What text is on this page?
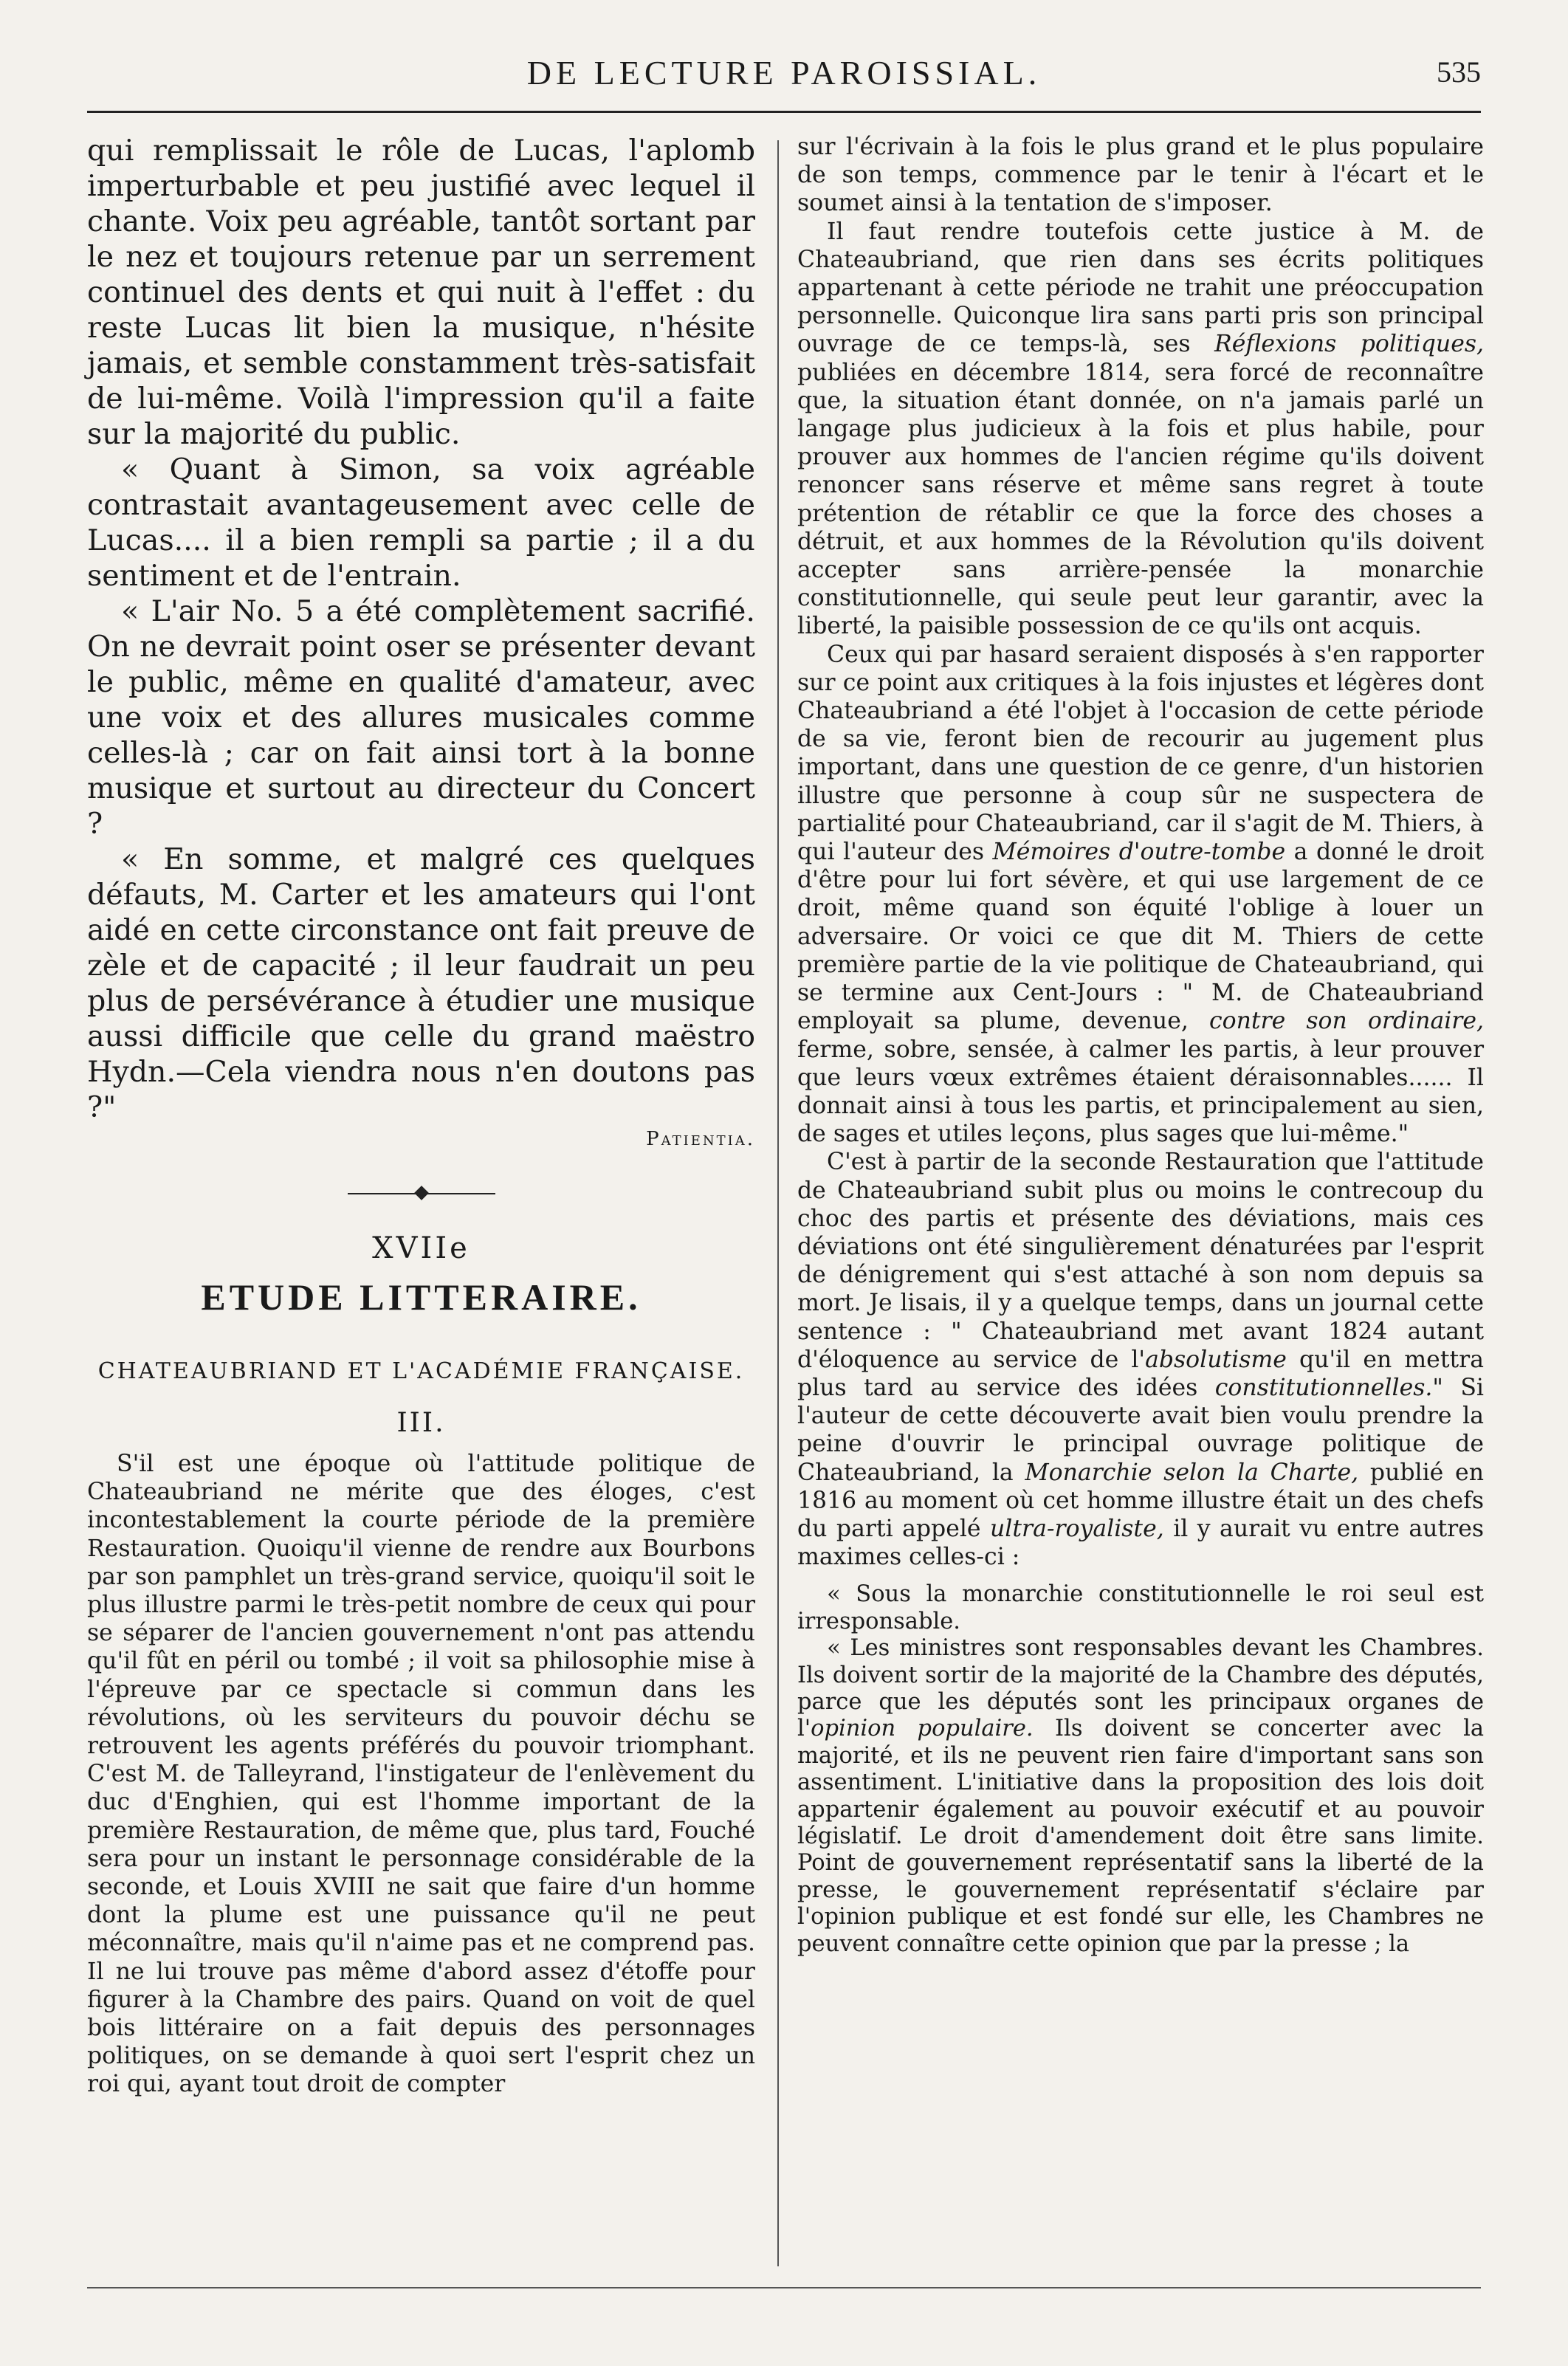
DE LECTURE PAROISSIAL.	535

qui remplissait le rôle de Lucas, l'aplomb imperturbable et peu justifié avec lequel il chante. Voix peu agréable, tantôt sortant par le nez et toujours retenue par un serrement continuel des dents et qui nuit à l'effet : du reste Lucas lit bien la musique, n'hésite jamais, et semble constamment très-satisfait de lui-même. Voilà l'impression qu'il a faite sur la majorité du public.

« Quant à Simon, sa voix agréable contrastait avantageusement avec celle de Lucas.... il a bien rempli sa partie ; il a du sentiment et de l'entrain.

« L'air No. 5 a été complètement sacrifié. On ne devrait point oser se présenter devant le public, même en qualité d'amateur, avec une voix et des allures musicales comme celles-là ; car on fait ainsi tort à la bonne musique et surtout au directeur du Concert ?

« En somme, et malgré ces quelques défauts, M. Carter et les amateurs qui l'ont aidé en cette circonstance ont fait preuve de zèle et de capacité ; il leur faudrait un peu plus de persévérance à étudier une musique aussi difficile que celle du grand maëstro Hydn.—Cela viendra nous n'en doutons pas ?"

Patientia.
XVIIe
ETUDE LITTERAIRE.
CHATEAUBRIAND ET L'ACADÉMIE FRANÇAISE.
III.

S'il est une époque où l'attitude politique de Chateaubriand ne mérite que des éloges, c'est incontestablement la courte période de la première Restauration. Quoiqu'il vienne de rendre aux Bourbons par son pamphlet un très-grand service, quoiqu'il soit le plus illustre parmi le très-petit nombre de ceux qui pour se séparer de l'ancien gouvernement n'ont pas attendu qu'il fût en péril ou tombé ; il voit sa philosophie mise à l'épreuve par ce spectacle si commun dans les révolutions, où les serviteurs du pouvoir déchu se retrouvent les agents préférés du pouvoir triomphant. C'est M. de Talleyrand, l'instigateur de l'enlèvement du duc d'Enghien, qui est l'homme important de la première Restauration, de même que, plus tard, Fouché sera pour un instant le personnage considérable de la seconde, et Louis XVIII ne sait que faire d'un homme dont la plume est une puissance qu'il ne peut méconnaître, mais qu'il n'aime pas et ne comprend pas. Il ne lui trouve pas même d'abord assez d'étoffe pour figurer à la Chambre des pairs. Quand on voit de quel bois littéraire on a fait depuis des personnages politiques, on se demande à quoi sert l'esprit chez un roi qui, ayant tout droit de compter

sur l'écrivain à la fois le plus grand et le plus populaire de son temps, commence par le tenir à l'écart et le soumet ainsi à la tentation de s'imposer.

Il faut rendre toutefois cette justice à M. de Chateaubriand, que rien dans ses écrits politiques appartenant à cette période ne trahit une préoccupation personnelle. Quiconque lira sans parti pris son principal ouvrage de ce temps-là, ses Réflexions politiques, publiées en décembre 1814, sera forcé de reconnaître que, la situation étant donnée, on n'a jamais parlé un langage plus judicieux à la fois et plus habile, pour prouver aux hommes de l'ancien régime qu'ils doivent renoncer sans réserve et même sans regret à toute prétention de rétablir ce que la force des choses a détruit, et aux hommes de la Révolution qu'ils doivent accepter sans arrière-pensée la monarchie constitutionnelle, qui seule peut leur garantir, avec la liberté, la paisible possession de ce qu'ils ont acquis.

Ceux qui par hasard seraient disposés à s'en rapporter sur ce point aux critiques à la fois injustes et légères dont Chateaubriand a été l'objet à l'occasion de cette période de sa vie, feront bien de recourir au jugement plus important, dans une question de ce genre, d'un historien illustre que personne à coup sûr ne suspectera de partialité pour Chateaubriand, car il s'agit de M. Thiers, à qui l'auteur des Mémoires d'outre-tombe a donné le droit d'être pour lui fort sévère, et qui use largement de ce droit, même quand son équité l'oblige à louer un adversaire. Or voici ce que dit M. Thiers de cette première partie de la vie politique de Chateaubriand, qui se termine aux Cent-Jours : " M. de Chateaubriand employait sa plume, devenue, contre son ordinaire, ferme, sobre, sensée, à calmer les partis, à leur prouver que leurs vœux extrêmes étaient déraisonnables...... Il donnait ainsi à tous les partis, et principalement au sien, de sages et utiles leçons, plus sages que lui-même."

C'est à partir de la seconde Restauration que l'attitude de Chateaubriand subit plus ou moins le contrecoup du choc des partis et présente des déviations, mais ces déviations ont été singulièrement dénaturées par l'esprit de dénigrement qui s'est attaché à son nom depuis sa mort. Je lisais, il y a quelque temps, dans un journal cette sentence : " Chateaubriand met avant 1824 autant d'éloquence au service de l'absolutisme qu'il en mettra plus tard au service des idées constitutionnelles." Si l'auteur de cette découverte avait bien voulu prendre la peine d'ouvrir le principal ouvrage politique de Chateaubriand, la Monarchie selon la Charte, publié en 1816 au moment où cet homme illustre était un des chefs du parti appelé ultra-royaliste, il y aurait vu entre autres maximes celles-ci :

« Sous la monarchie constitutionnelle le roi seul est irresponsable.

« Les ministres sont responsables devant les Chambres. Ils doivent sortir de la majorité de la Chambre des députés, parce que les députés sont les principaux organes de l'opinion populaire. Ils doivent se concerter avec la majorité, et ils ne peuvent rien faire d'important sans son assentiment. L'initiative dans la proposition des lois doit appartenir également au pouvoir exécutif et au pouvoir législatif. Le droit d'amendement doit être sans limite. Point de gouvernement représentatif sans la liberté de la presse, le gouvernement représentatif s'éclaire par l'opinion publique et est fondé sur elle, les Chambres ne peuvent connaître cette opinion que par la presse ; la
